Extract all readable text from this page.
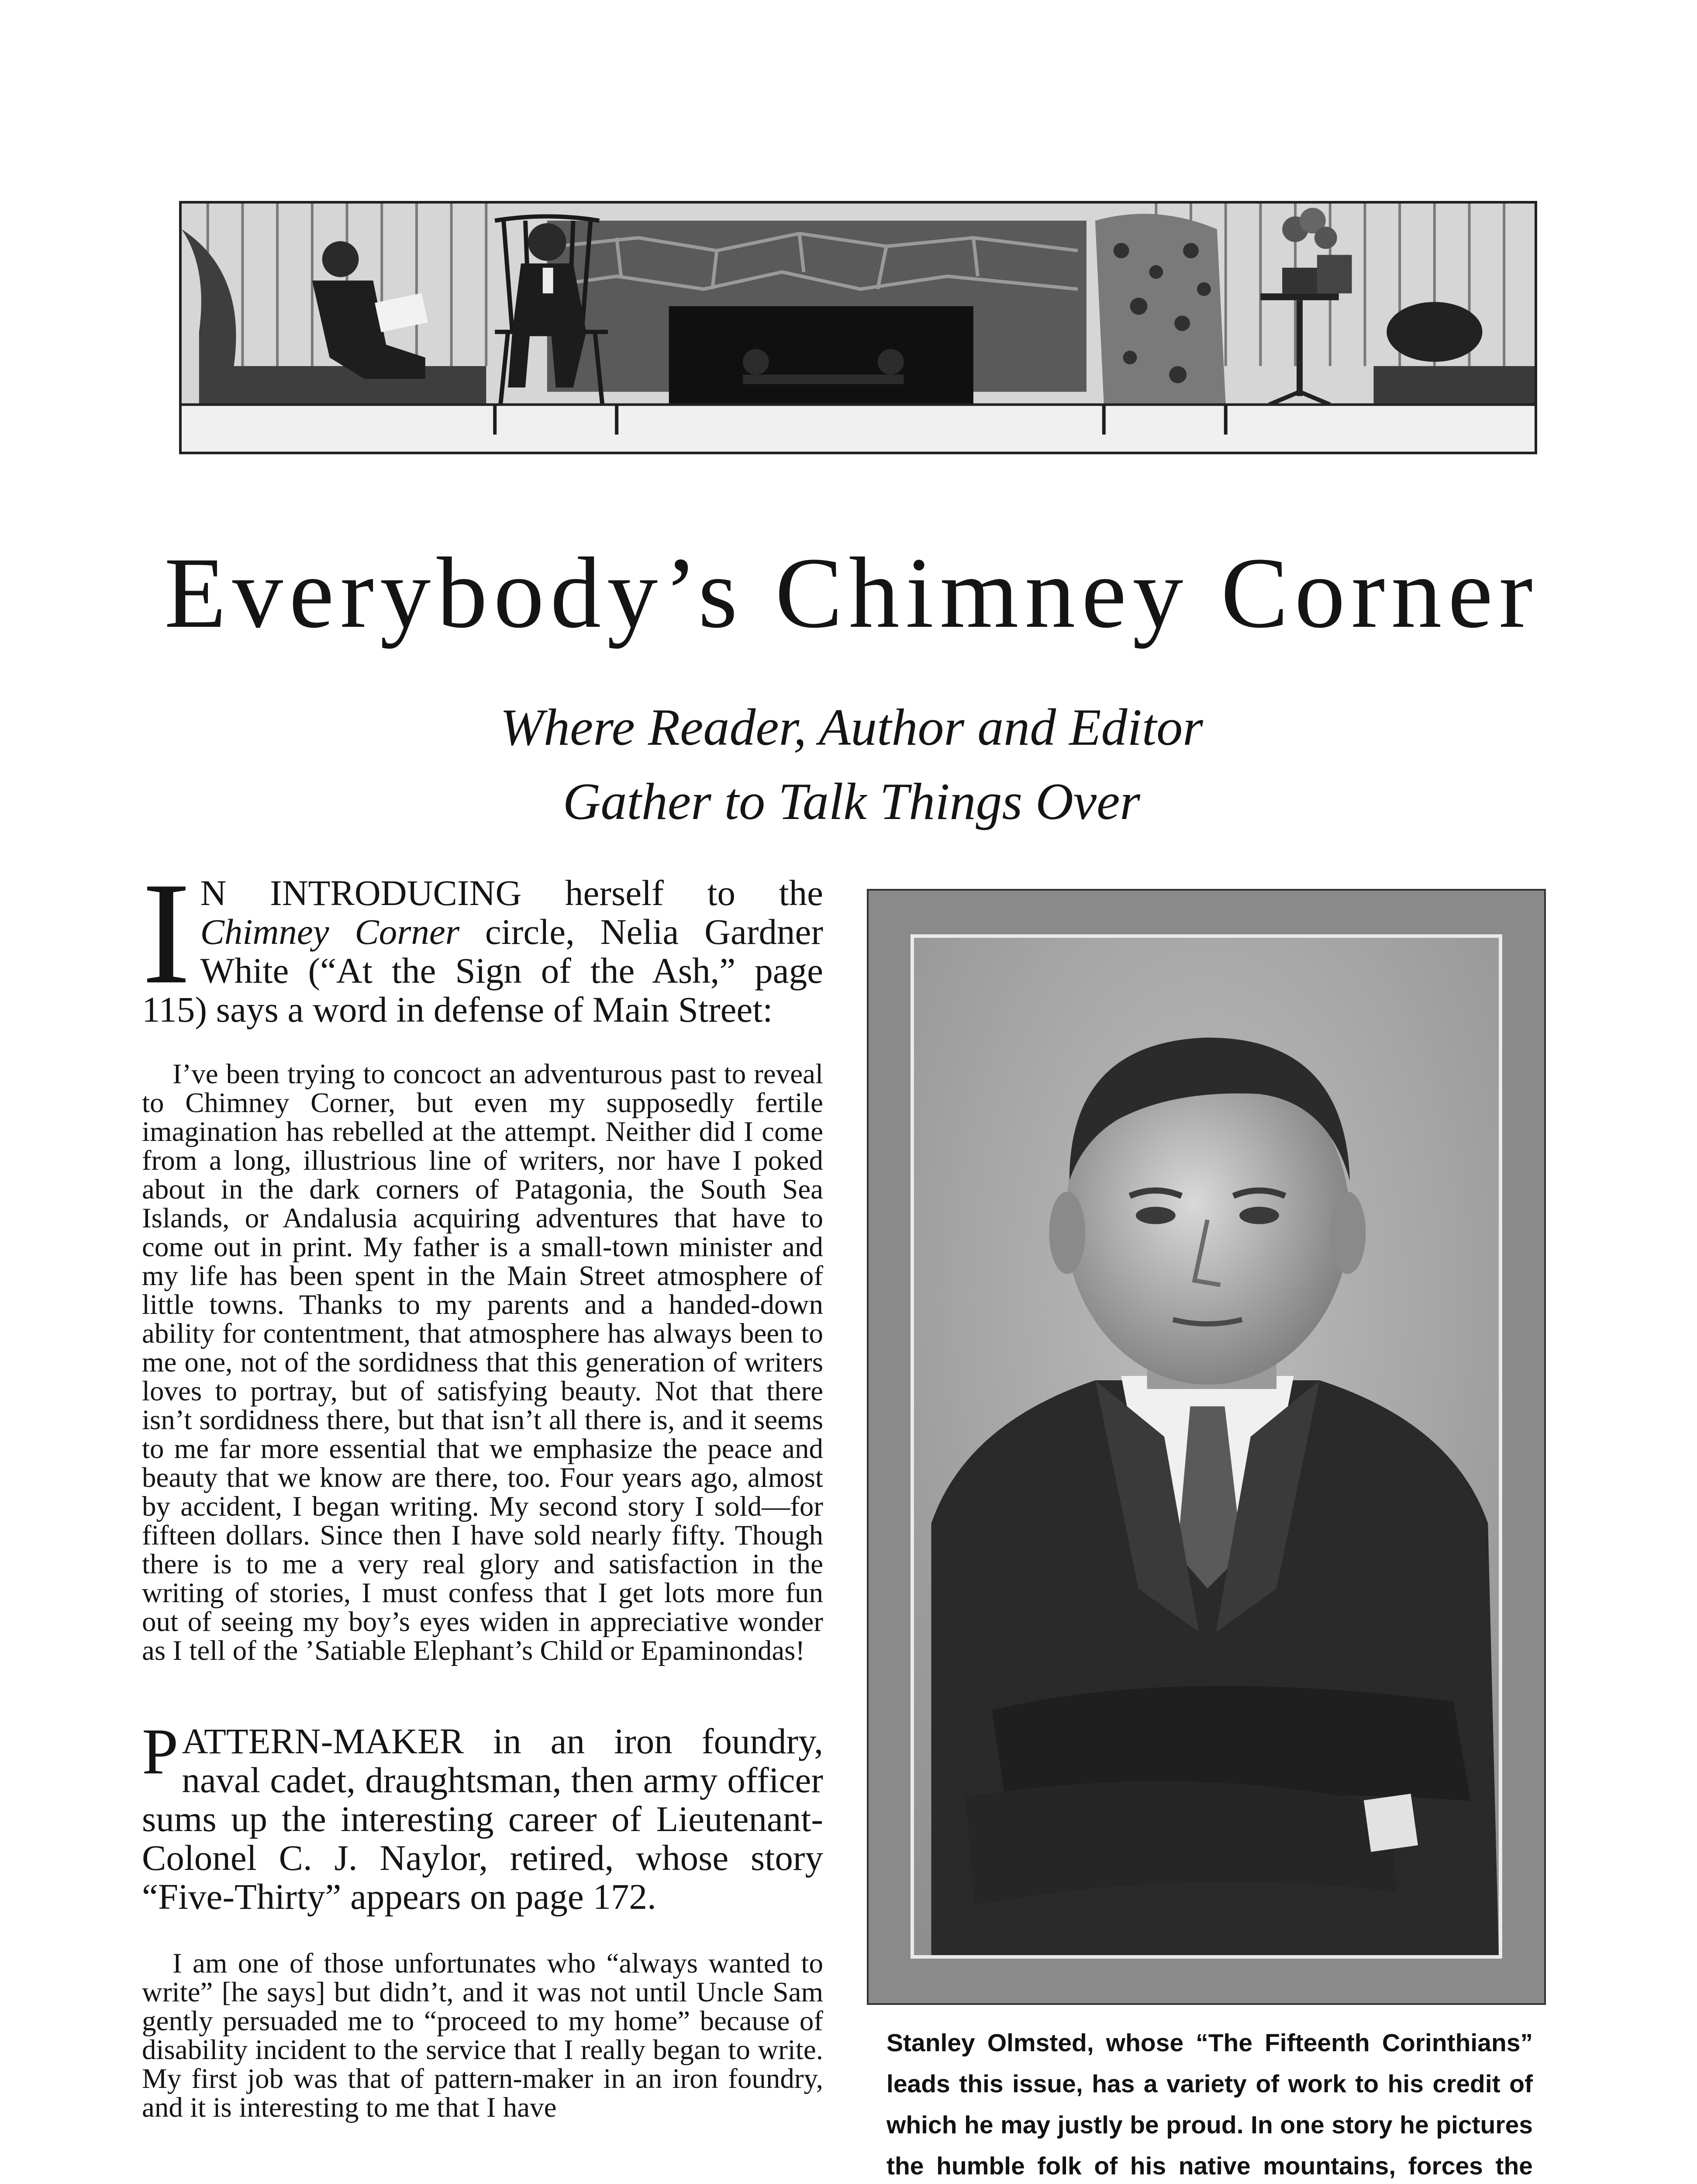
Everybody’s Chimney Corner
Where Reader, Author and Editor
Gather to Talk Things Over

I N INTRODUCING herself to the Chimney Corner circle, Nelia Gardner White (“At the Sign of the Ash,” page 115) says a word in defense of Main Street:

I’ve been trying to concoct an adventurous past to reveal to Chimney Corner, but even my supposedly fertile imagination has rebelled at the attempt. Neither did I come from a long, illustrious line of writers, nor have I poked about in the dark corners of Patagonia, the South Sea Islands, or Andalusia acquiring adventures that have to come out in print. My father is a small-town minister and my life has been spent in the Main Street atmosphere of little towns. Thanks to my parents and a handed-down ability for contentment, that atmosphere has always been to me one, not of the sordidness that this generation of writers loves to portray, but of satisfying beauty. Not that there isn’t sordidness there, but that isn’t all there is, and it seems to me far more essential that we emphasize the peace and beauty that we know are there, too. Four years ago, almost by accident, I began writing. My second story I sold—for fifteen dollars. Since then I have sold nearly fifty. Though there is to me a very real glory and satisfaction in the writing of stories, I must confess that I get lots more fun out of seeing my boy’s eyes widen in appreciative wonder as I tell of the ’Satiable Elephant’s Child or Epaminondas!

PATTERN-MAKER in an iron foundry, naval cadet, draughtsman, then army officer sums up the interesting career of Lieutenant-Colonel C. J. Naylor, retired, whose story “Five-Thirty” appears on page 172.

I am one of those unfortunates who “always wanted to write” [he says] but didn’t, and it was not until Uncle Sam gently persuaded me to “proceed to my home” because of disability incident to the service that I really began to write. My first job was that of pattern-maker in an iron foundry, and it is interesting to me that I have

Stanley Olmsted, whose “The Fifteenth Corinthians” leads this issue, has a variety of work to his credit of which he may justly be proud. In one story he pictures the humble folk of his native mountains, forces the
